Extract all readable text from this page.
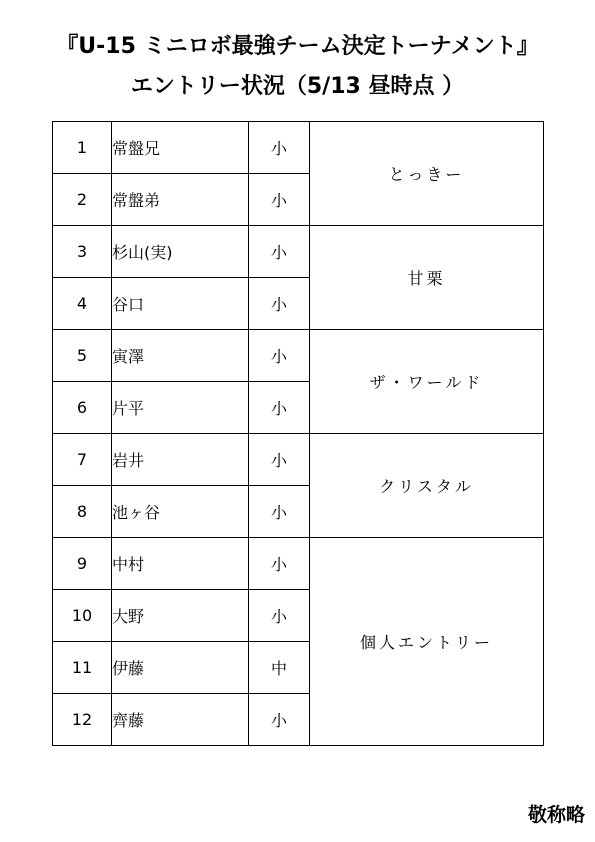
『U-15 ミニロボ最強チーム決定トーナメント』
エントリー状況（5/13 昼時点 ）
1	常盤兄	小	とっきー
2	常盤弟	小	
3	杉山(実)	小	甘栗
4	谷口	小	
5	寅澤	小	ザ・ワールド
6	片平	小	
7	岩井	小	クリスタル
8	池ヶ谷	小	
9	中村	小	個人エントリー
10	大野	小	
11	伊藤	中	
12	齊藤	小	
敬称略
